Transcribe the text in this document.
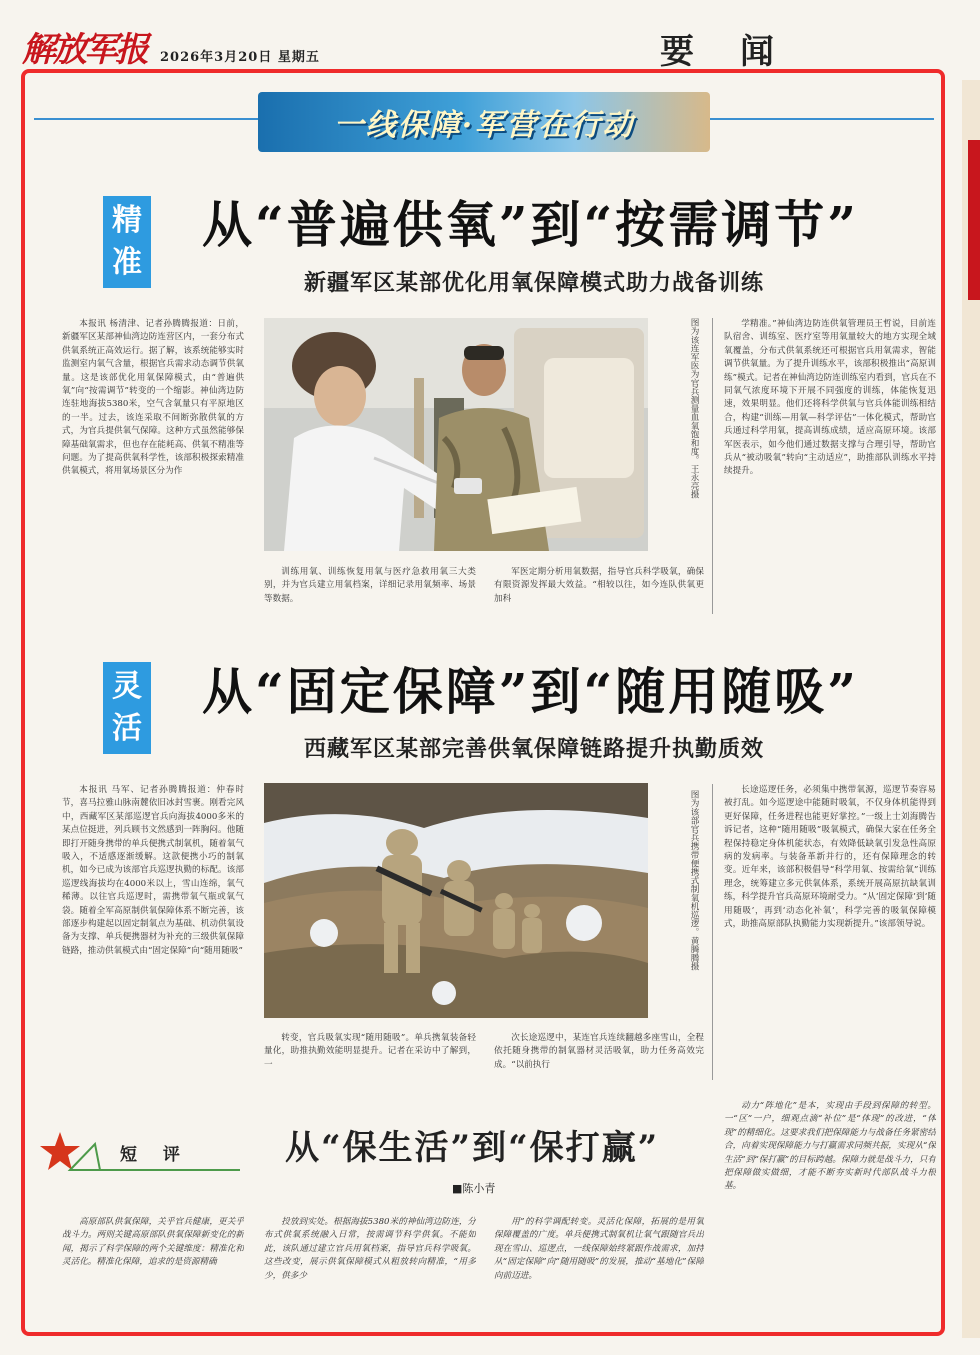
解放军报 2026年3月20日 星期五	要闻
一线保障·军营在行动
精
准
从“普遍供氧”到“按需调节”
新疆军区某部优化用氧保障模式助力战备训练

本报讯 杨清津、记者孙腾腾报道：日前，新疆军区某部神仙湾边防连营区内，一套分布式供氧系统正高效运行。据了解，该系统能够实时监测室内氧气含量，根据官兵需求动态调节供氧量。这是该部优化用氧保障模式，由“普遍供氧”向“按需调节”转变的一个缩影。神仙湾边防连驻地海拔5380米，空气含氧量只有平原地区的一半。过去，该连采取不间断弥散供氧的方式，为官兵提供氧气保障。这种方式虽然能够保障基础氧需求，但也存在能耗高、供氧不精准等问题。为了提高供氧科学性，该部积极探索精准供氧模式，将用氧场景区分为作	图为该连军医为官兵测量血氧饱和度。王永亮摄

训练用氧、训练恢复用氧与医疗急救用氧三大类别，并为官兵建立用氧档案，详细记录用氧频率、场景等数据。

军医定期分析用氧数据，指导官兵科学吸氧，确保有限资源发挥最大效益。“相较以往，如今连队供氧更加科

学精准。”神仙湾边防连供氧管理员王哲说，目前连队宿舍、训练室、医疗室等用氧量较大的地方实现全域氧覆盖，分布式供氧系统还可根据官兵用氧需求，智能调节供氧量。为了提升训练水平，该部积极推出“高原训练”模式。记者在神仙湾边防连训练室内看到，官兵在不同氧气浓度环境下开展不同强度的训练，体能恢复迅速，效果明显。他们还将科学供氧与官兵体能训练相结合，构建“训练—用氧—科学评估”一体化模式，帮助官兵通过科学用氧，提高训练成绩，适应高原环境。该部军医表示，如今他们通过数据支撑与合理引导，帮助官兵从“被动吸氧”转向“主动适应”，助推部队训练水平持续提升。

灵
活
从“固定保障”到“随用随吸”
西藏军区某部完善供氧保障链路提升执勤质效

本报讯 马军、记者孙腾腾报道：仲春时节，喜马拉雅山脉南麓依旧冰封雪裹。刚看完风中，西藏军区某部巡逻官兵向海拔4000多米的某点位挺进，列兵顾书文然感到一阵胸闷。他随即打开随身携带的单兵便携式制氧机，随着氧气吸入，不适感逐渐缓解。这款便携小巧的制氧机，如今已成为该部官兵巡逻执勤的标配。该部巡逻线海拔均在4000米以上，雪山连绵，氧气稀薄。以往官兵巡逻时，需携带氧气瓶或氧气袋。随着全军高原制供氧保障体系不断完善，该部逐步构建起以固定制氧点为基础、机动供氧设备为支撑、单兵便携器材为补充的三级供氧保障链路，推动供氧模式由“固定保障”向“随用随吸”	图为该部官兵携带便携式制氧机巡逻。黄腾腾摄

转变，官兵吸氧实现“随用随吸”。单兵携氧装备轻量化，助推执勤效能明显提升。记者在采访中了解到，一

次长途巡逻中，某连官兵连续翻越多座雪山，全程依托随身携带的制氧器材灵活吸氧，助力任务高效完成。“以前执行

长途巡逻任务，必须集中携带氧源，巡逻节奏容易被打乱。如今巡逻途中能随时吸氧，不仅身体机能得到更好保障，任务进程也能更好掌控。”一级上士刘海腾告诉记者，这种“随用随吸”吸氧模式，确保大家在任务全程保持稳定身体机能状态，有效降低缺氧引发急性高原病的发病率。与装备革新并行的，还有保障理念的转变。近年来，该部积极倡导“科学用氧、按需给氧”训练理念，统筹建立多元供氧体系，系统开展高原抗缺氧训练，科学提升官兵高原环境耐受力。“从‘固定保障’到‘随用随吸’，再到‘动态化补氧’，科学完善的吸氧保障模式，助推高原部队执勤能力实现新提升。”该部领导说。

短 评	从“保生活”到“保打赢”
■陈小青

高原部队供氧保障，关乎官兵健康，更关乎战斗力。两则关键高原部队供氧保障新变化的新闻，揭示了科学保障的两个关键维度：精准化和灵活化。精准化保障，追求的是资源精确

投放到实处。根据海拔5380米的神仙湾边防连，分布式供氧系统融入日常，按需调节科学供氧。不能如此，该队通过建立官兵用氧档案，指导官兵科学吸氧。这些改变，展示供氧保障模式从粗放转向精准，“用多少，供多少

用”的科学调配转变。灵活化保障，拓展的是用氧保障覆盖的广度。单兵便携式制氧机让氧气跟随官兵出现在雪山、巡逻点，一线保障始终紧跟作战需求，加持从“固定保障”向“随用随吸”的发展，推动“基地化”保障向前迈进。

动力“阵地化”是本，实现由手段到保障的转型。一“区”一户，细观点滴“补位”是“体现”的改进，“体现”的精细化。这要求我们把保障能力与战备任务紧密结合，向着实现保障能力与打赢需求同频共振，实现从“保生活”到“保打赢”的目标跨越。保障力就是战斗力，只有把保障做实做细，才能不断夯实新时代部队战斗力根基。
